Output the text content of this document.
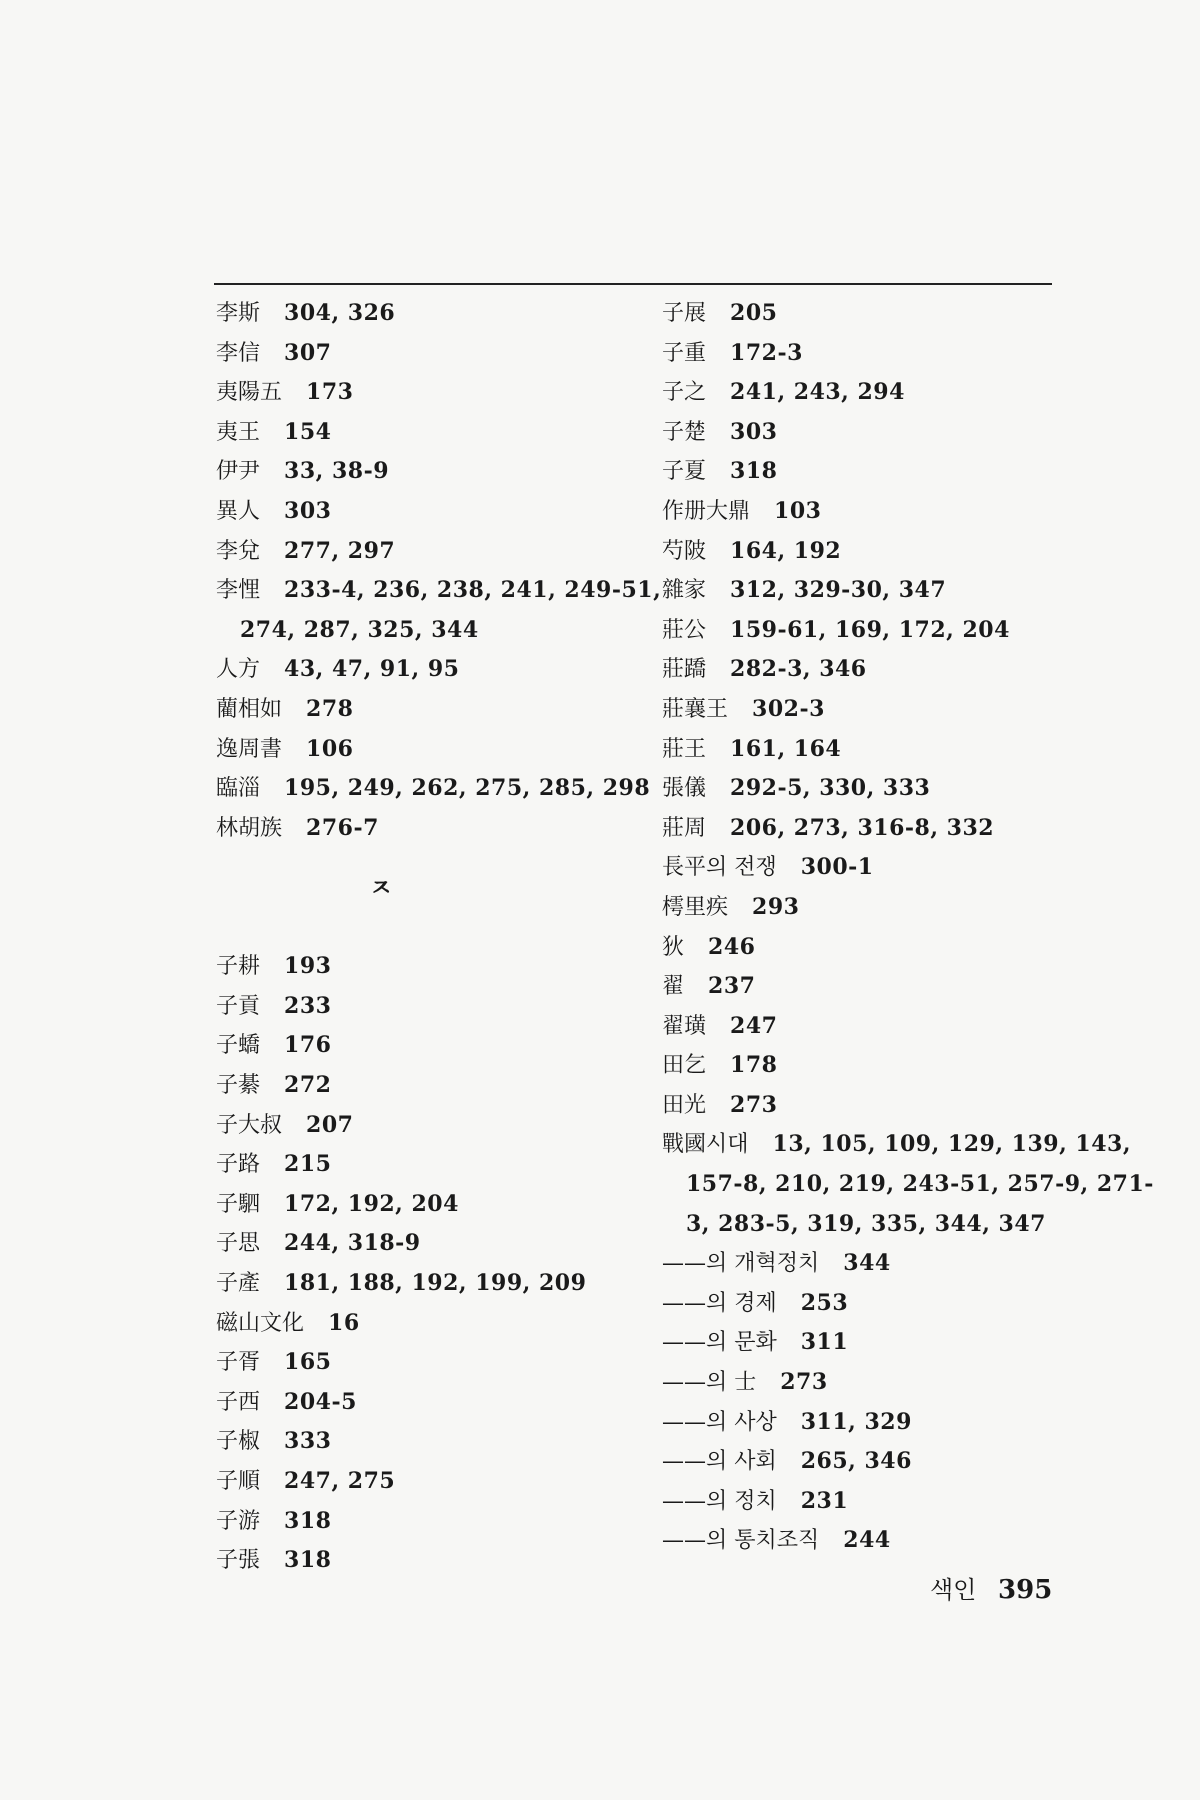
李斯 304, 326
李信 307
夷陽五 173
夷王 154
伊尹 33, 38-9
異人 303
李兌 277, 297
李悝 233-4, 236, 238, 241, 249-51,
274, 287, 325, 344
人方 43, 47, 91, 95
藺相如 278
逸周書 106
臨淄 195, 249, 262, 275, 285, 298
林胡族 276-7
ㅈ
子耕 193
子貢 233
子蟜 176
子綦 272
子大叔 207
子路 215
子駟 172, 192, 204
子思 244, 318-9
子產 181, 188, 192, 199, 209
磁山文化 16
子胥 165
子西 204-5
子椒 333
子順 247, 275
子游 318
子張 318
子展 205
子重 172-3
子之 241, 243, 294
子楚 303
子夏 318
作册大鼎 103
芍陂 164, 192
雜家 312, 329-30, 347
莊公 159-61, 169, 172, 204
莊蹻 282-3, 346
莊襄王 302-3
莊王 161, 164
張儀 292-5, 330, 333
莊周 206, 273, 316-8, 332
長平의 전쟁 300-1
樗里疾 293
狄 246
翟 237
翟璜 247
田乞 178
田光 273
戰國시대 13, 105, 109, 129, 139, 143,
157-8, 210, 219, 243-51, 257-9, 271-
3, 283-5, 319, 335, 344, 347
——의 개혁정치 344
——의 경제 253
——의 문화 311
——의 士 273
——의 사상 311, 329
——의 사회 265, 346
——의 정치 231
——의 통치조직 244
색인 395
